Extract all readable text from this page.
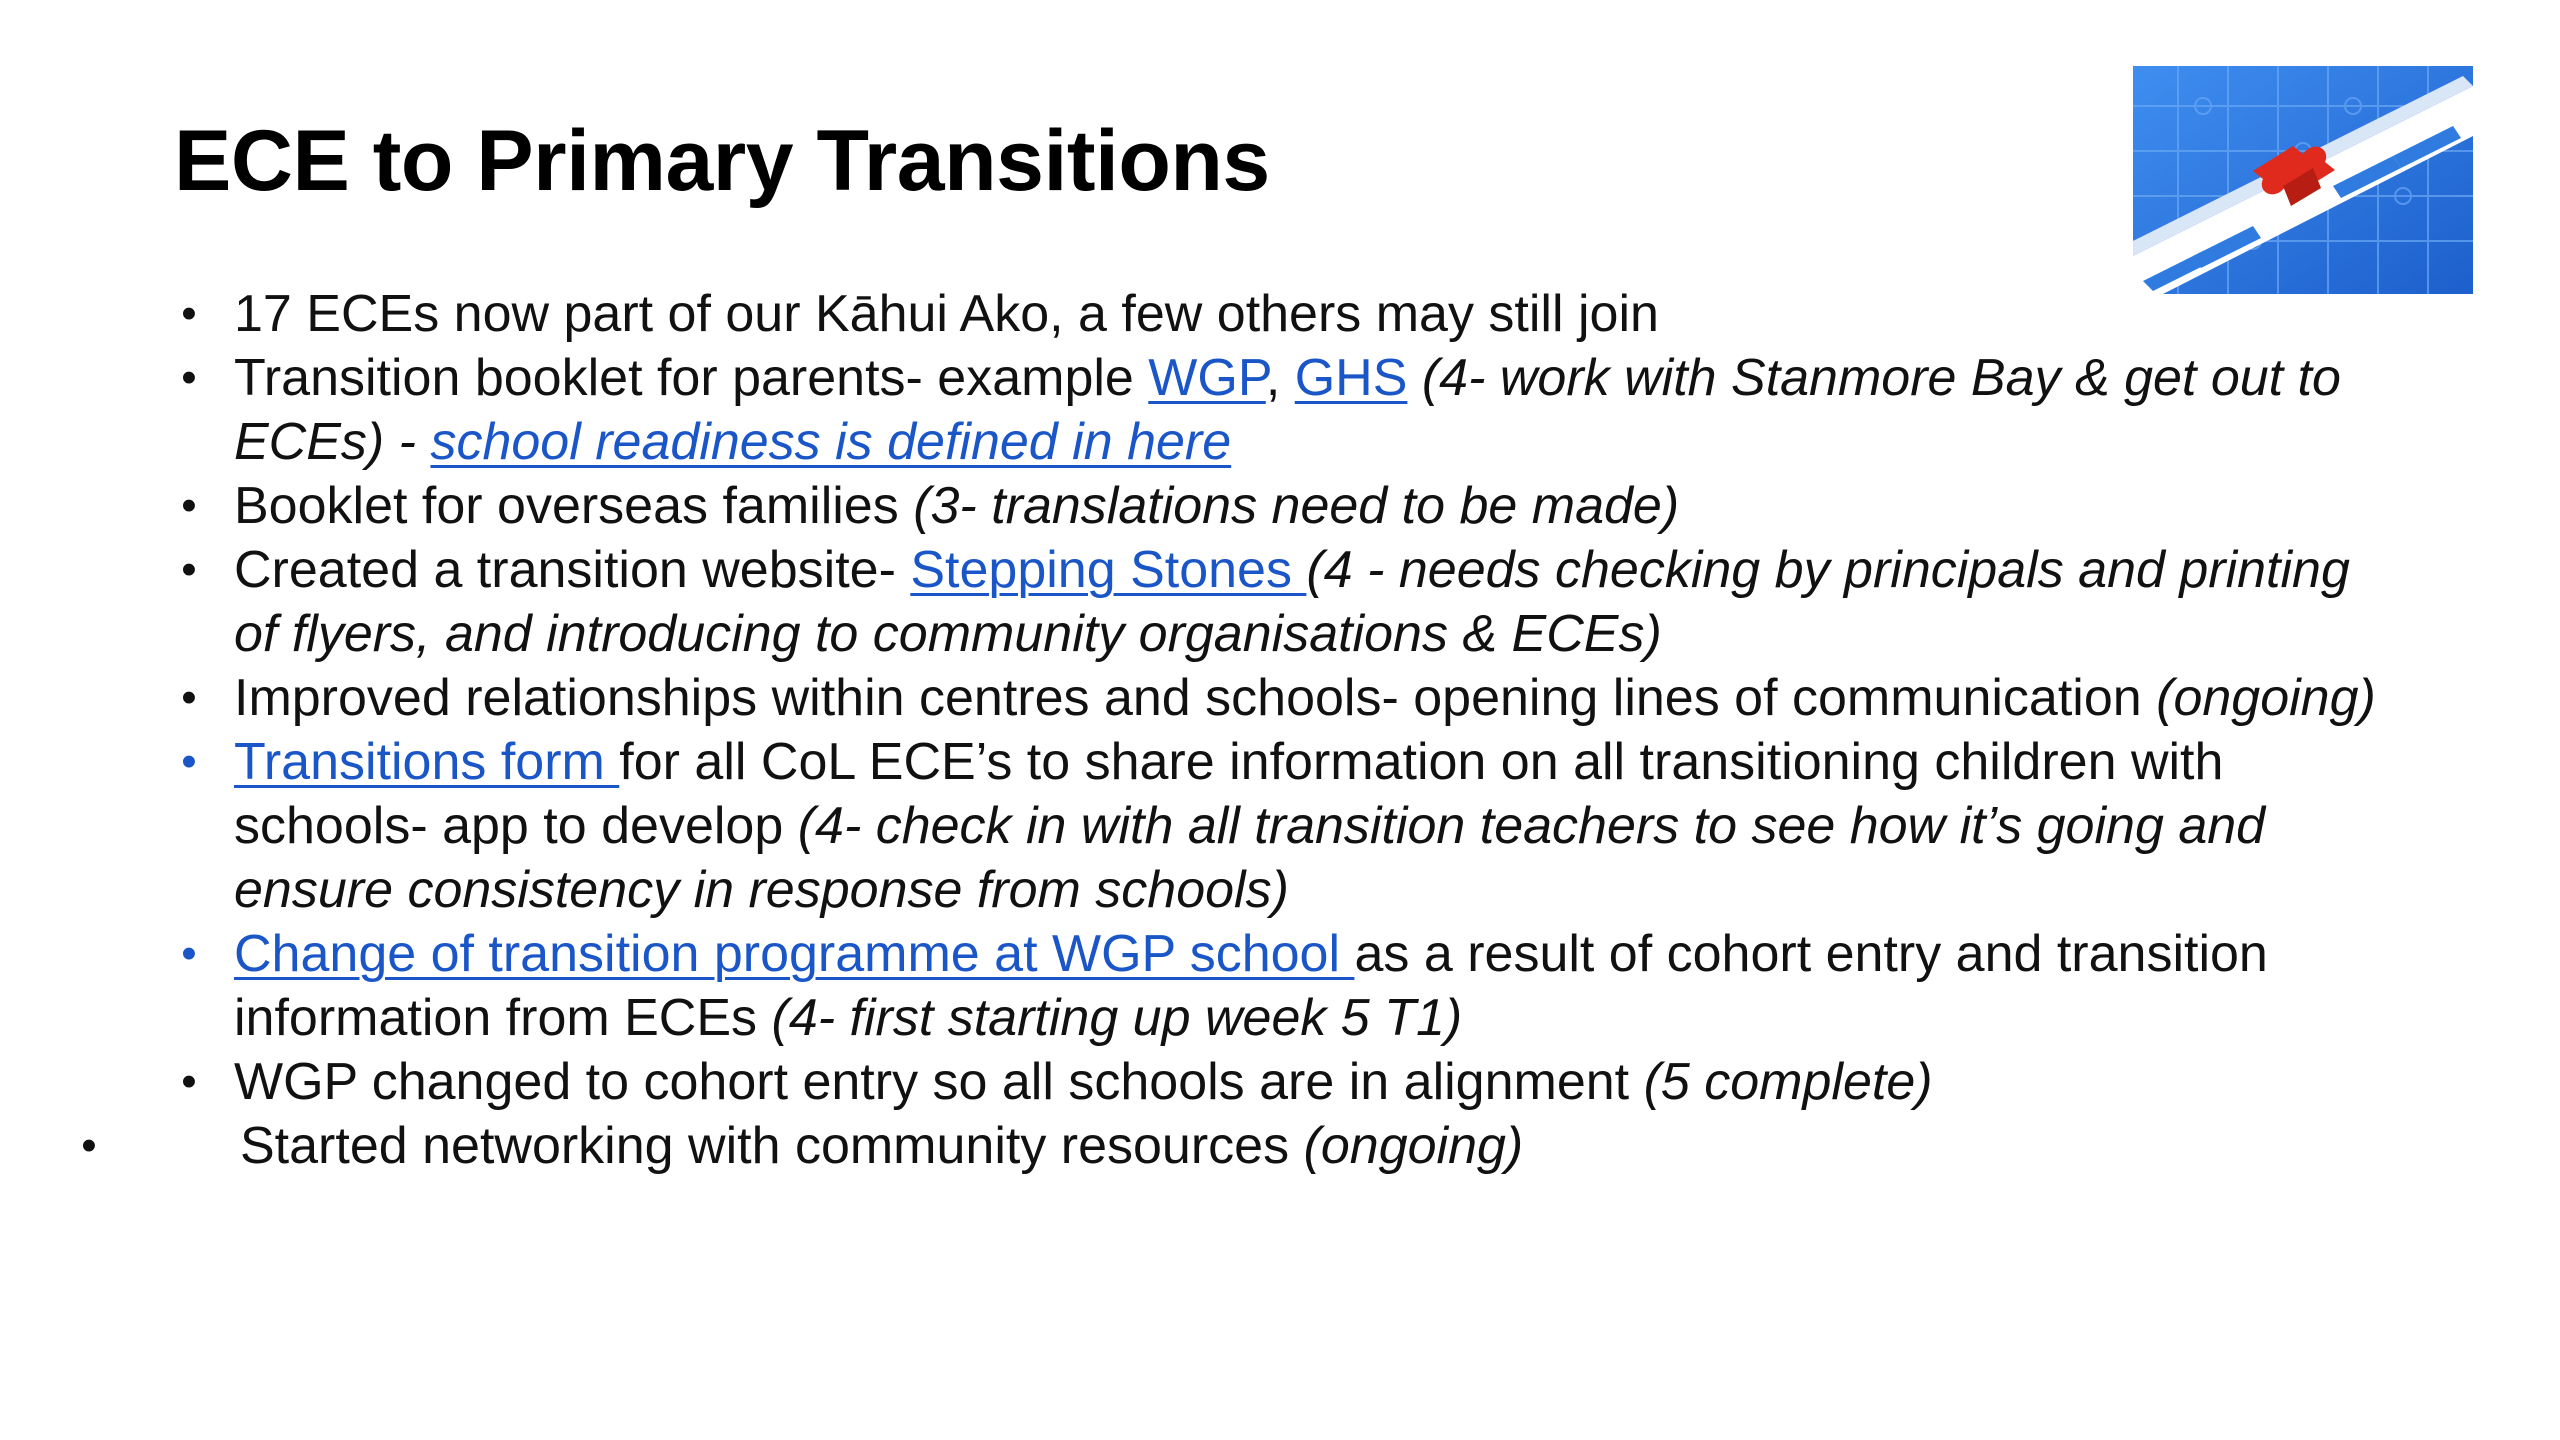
ECE to Primary Transitions
• 17 ECEs now part of our Kāhui Ako, a few others may still join
• Transition booklet for parents- example WGP, GHS (4- work with Stanmore Bay & get out to ECEs) - school readiness is defined in here
• Booklet for overseas families (3- translations need to be made)
• Created a transition website- Stepping Stones (4 - needs checking by principals and printing of flyers, and introducing to community organisations & ECEs)
• Improved relationships within centres and schools- opening lines of communication (ongoing)
• Transitions form for all CoL ECE’s to share information on all transitioning children with schools- app to develop (4- check in with all transition teachers to see how it’s going and ensure consistency in response from schools)
• Change of transition programme at WGP school as a result of cohort entry and transition information from ECEs (4- first starting up week 5 T1)
• WGP changed to cohort entry so all schools are in alignment (5 complete)
•	Started networking with community resources (ongoing)
